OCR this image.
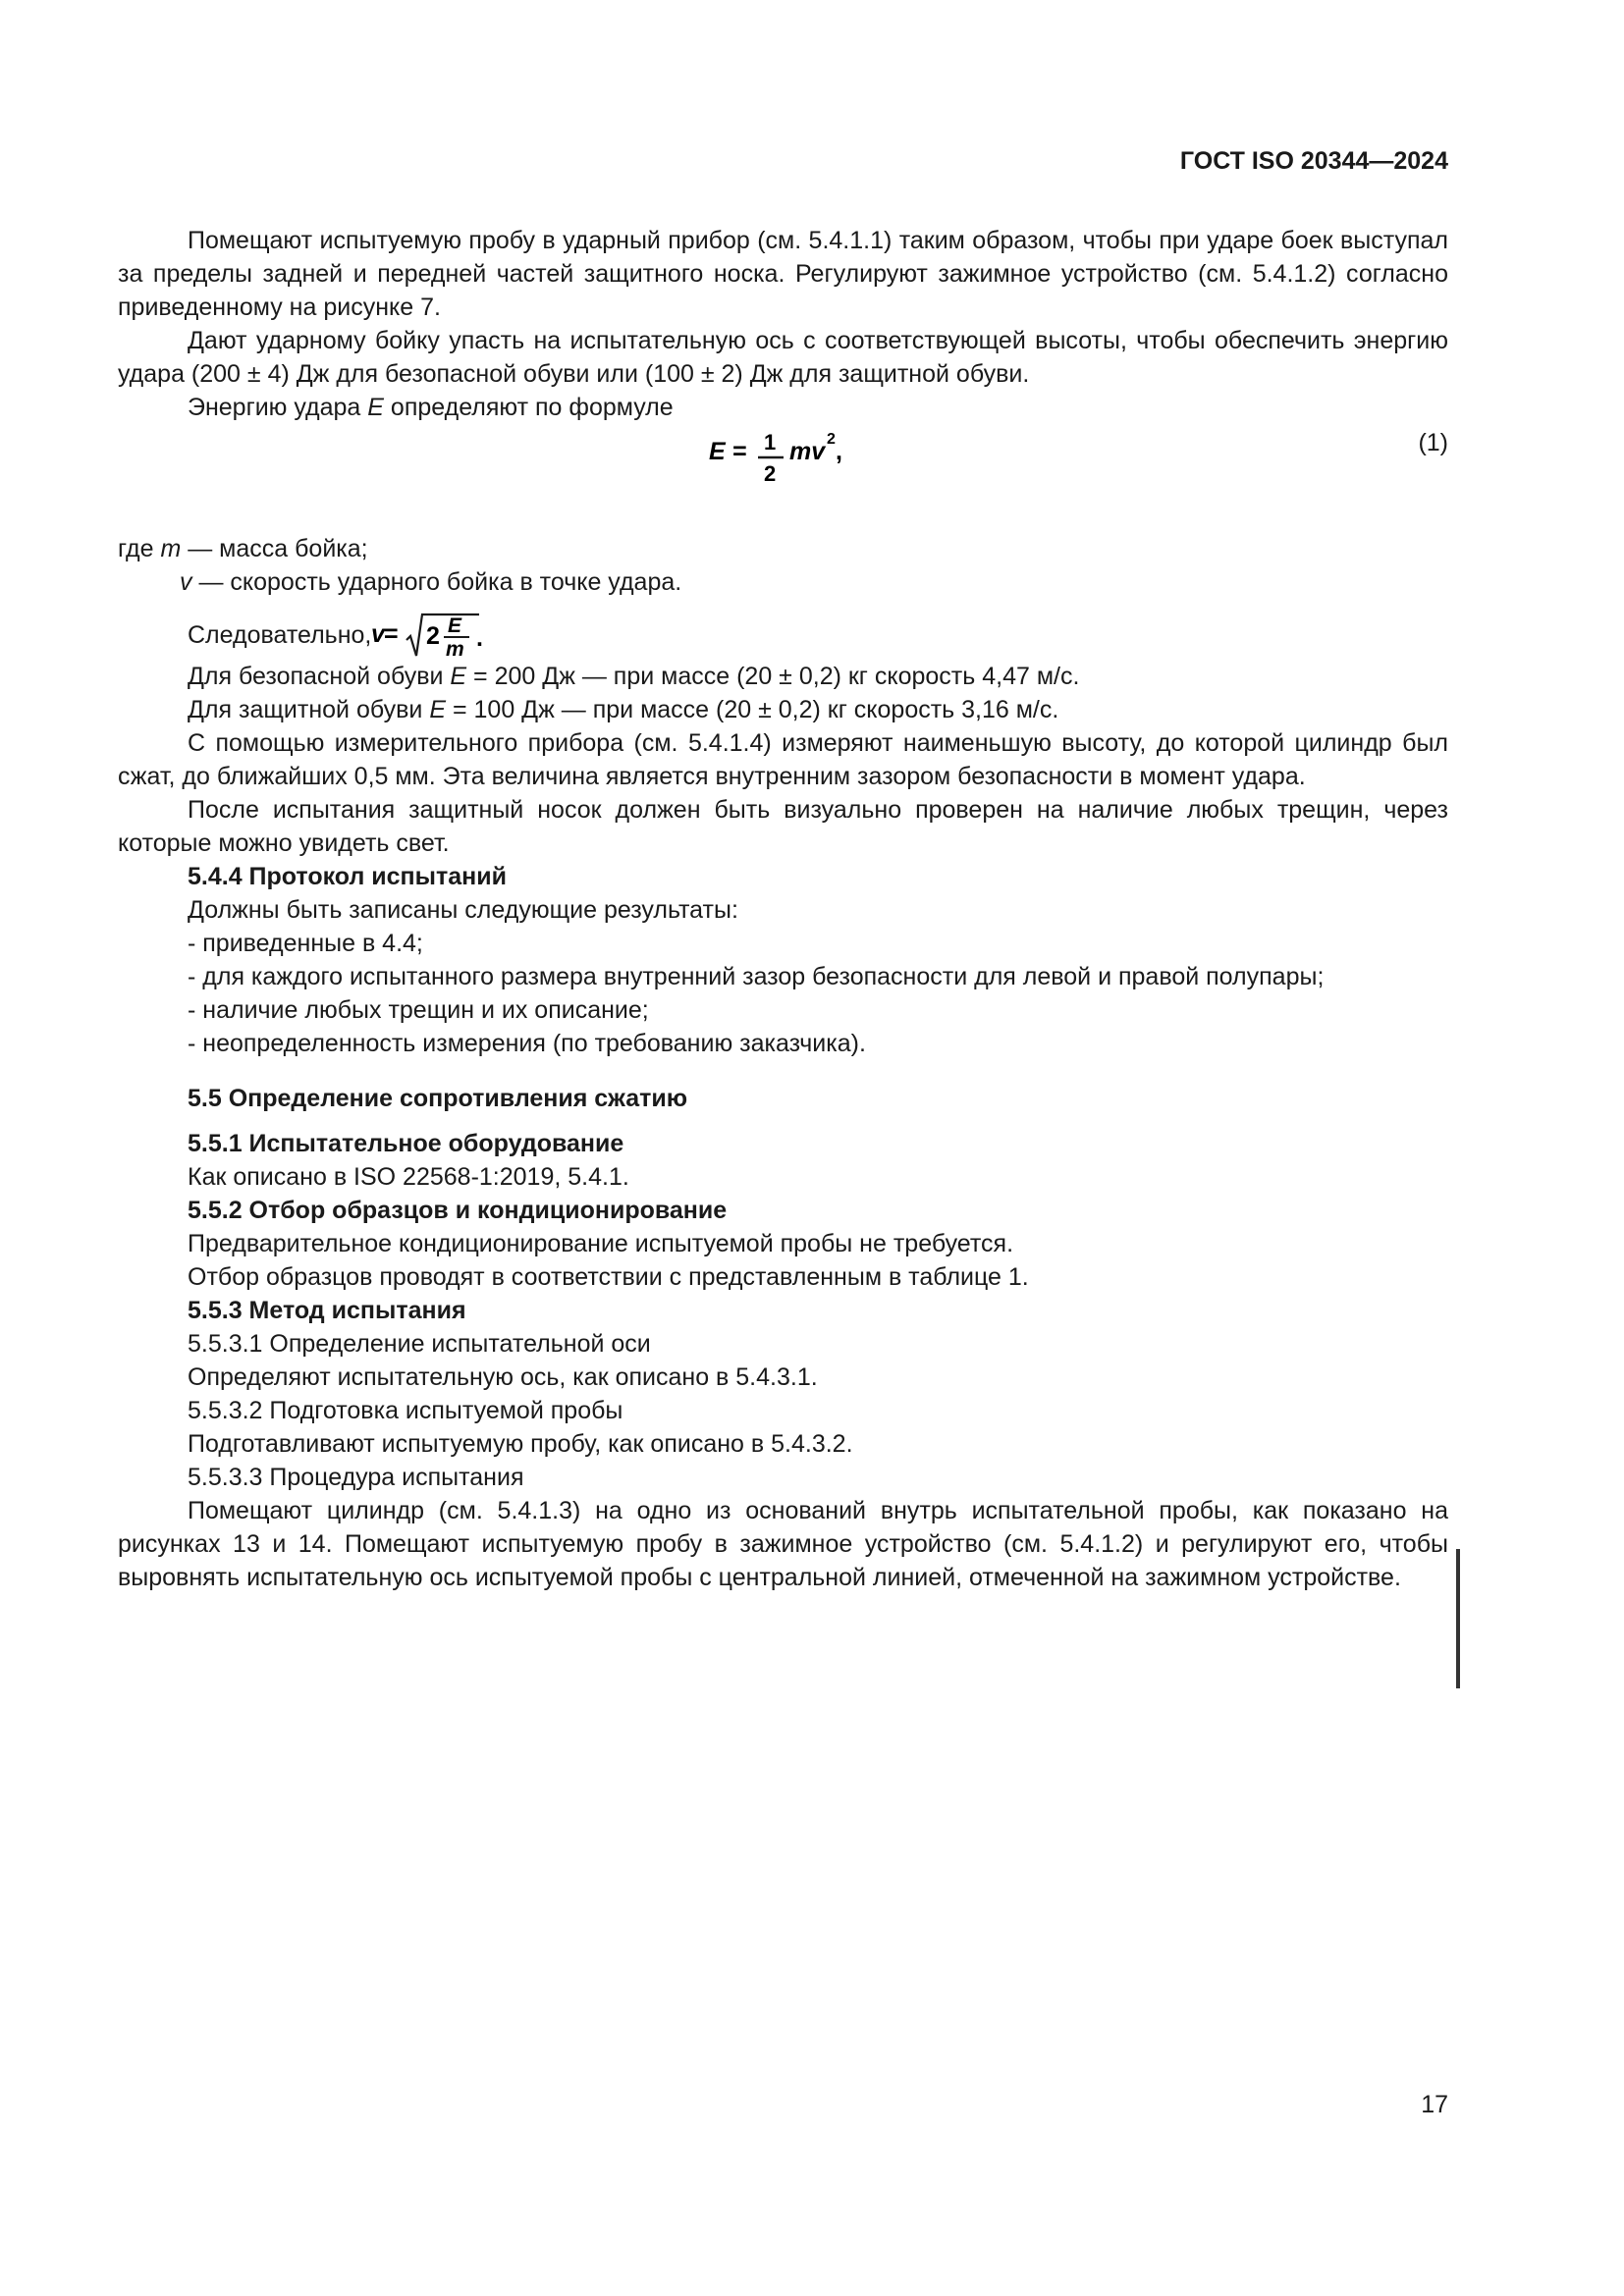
ГОСТ ISO 20344—2024

Помещают испытуемую пробу в ударный прибор (см. 5.4.1.1) таким образом, чтобы при ударе боек выступал за пределы задней и передней частей защитного носка. Регулируют зажимное устройство (см. 5.4.1.2) согласно приведенному на рисунке 7.

Дают ударному бойку упасть на испытательную ось с соответствующей высоты, чтобы обеспечить энергию удара (200 ± 4) Дж для безопасной обуви или (100 ± 2) Дж для защитной обуви.

Энергию удара E определяют по формуле

E = 1
2
mv 2 ,	(1)

где m — масса бойка;

v — скорость ударного бойка в точке удара.

Следовательно, v = 2 E
m .

Для безопасной обуви E = 200 Дж — при массе (20 ± 0,2) кг скорость 4,47 м/с.

Для защитной обуви E = 100 Дж — при массе (20 ± 0,2) кг скорость 3,16 м/с.

С помощью измерительного прибора (см. 5.4.1.4) измеряют наименьшую высоту, до которой цилиндр был сжат, до ближайших 0,5 мм. Эта величина является внутренним зазором безопасности в момент удара.

После испытания защитный носок должен быть визуально проверен на наличие любых трещин, через которые можно увидеть свет.

5.4.4 Протокол испытаний

Должны быть записаны следующие результаты:

- приведенные в 4.4;

- для каждого испытанного размера внутренний зазор безопасности для левой и правой полупары;

- наличие любых трещин и их описание;

- неопределенность измерения (по требованию заказчика).

5.5 Определение сопротивления сжатию

5.5.1 Испытательное оборудование

Как описано в ISO 22568-1:2019, 5.4.1.

5.5.2 Отбор образцов и кондиционирование

Предварительное кондиционирование испытуемой пробы не требуется.

Отбор образцов проводят в соответствии с представленным в таблице 1.

5.5.3 Метод испытания

5.5.3.1 Определение испытательной оси

Определяют испытательную ось, как описано в 5.4.3.1.

5.5.3.2 Подготовка испытуемой пробы

Подготавливают испытуемую пробу, как описано в 5.4.3.2.

5.5.3.3 Процедура испытания

Помещают цилиндр (см. 5.4.1.3) на одно из оснований внутрь испытательной пробы, как показано на рисунках 13 и 14. Помещают испытуемую пробу в зажимное устройство (см. 5.4.1.2) и регулируют его, чтобы выровнять испытательную ось испытуемой пробы с центральной линией, отмеченной на зажимном устройстве.

17
